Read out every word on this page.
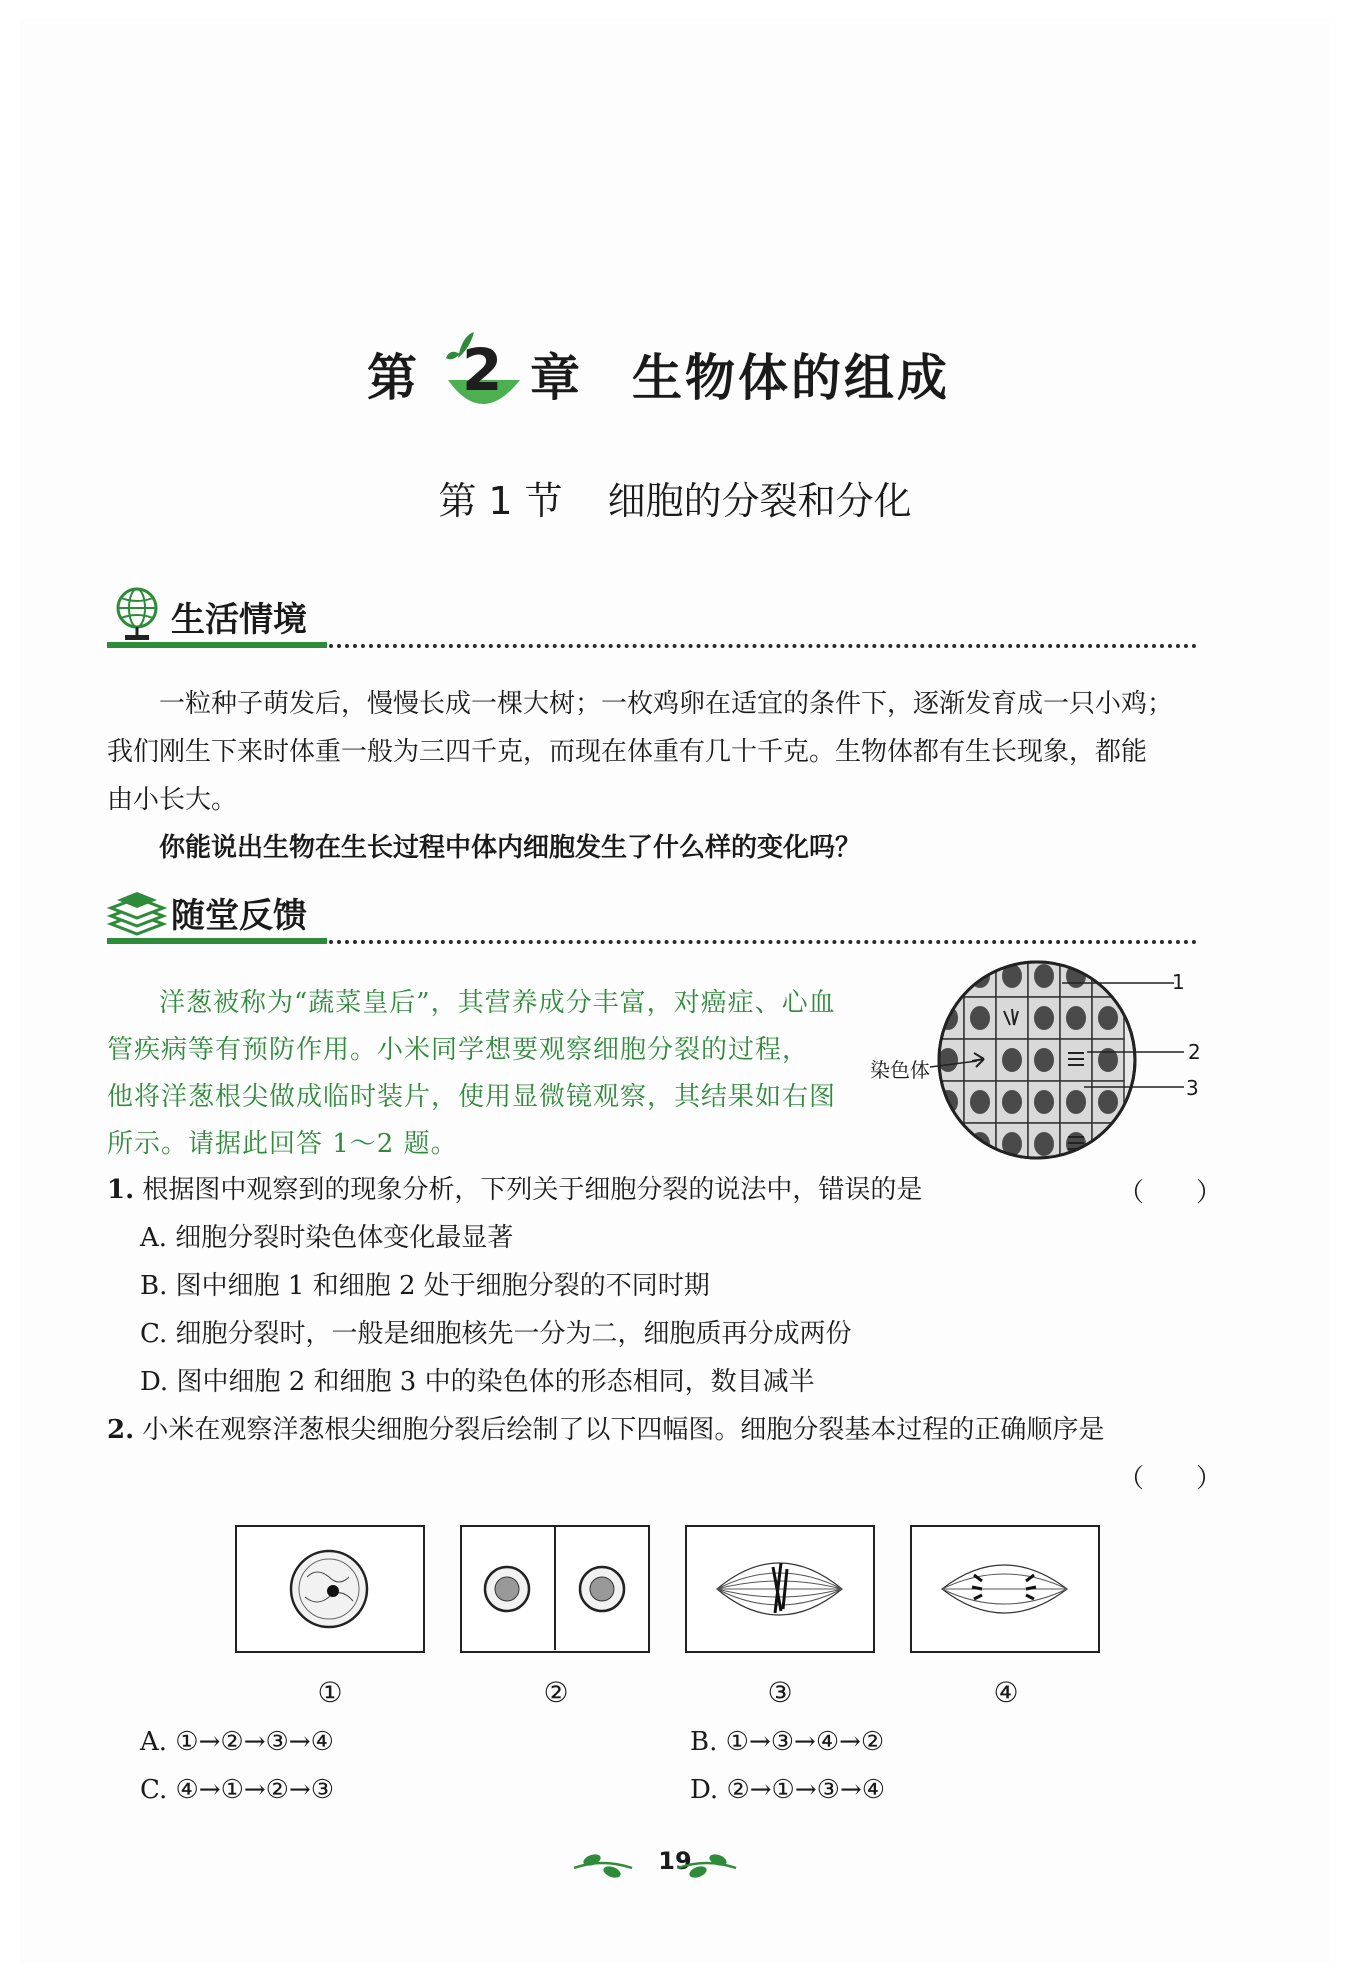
第 2 章 生物体的组成
第 1 节 细胞的分裂和分化
生活情境
一粒种子萌发后，慢慢长成一棵大树；一枚鸡卵在适宜的条件下，逐渐发育成一只小鸡；
我们刚生下来时体重一般为三四千克，而现在体重有几十千克。生物体都有生长现象，都能
由小长大。
你能说出生物在生长过程中体内细胞发生了什么样的变化吗？
随堂反馈
洋葱被称为“蔬菜皇后”，其营养成分丰富，对癌症、心血
管疾病等有预防作用。小米同学想要观察细胞分裂的过程，
他将洋葱根尖做成临时装片，使用显微镜观察，其结果如右图
所示。请据此回答 1～2 题。
1
2
3
染色体
1. 根据图中观察到的现象分析，下列关于细胞分裂的说法中，错误的是	（　　）
A. 细胞分裂时染色体变化最显著
B. 图中细胞 1 和细胞 2 处于细胞分裂的不同时期
C. 细胞分裂时，一般是细胞核先一分为二，细胞质再分成两份
D. 图中细胞 2 和细胞 3 中的染色体的形态相同，数目减半
2. 小米在观察洋葱根尖细胞分裂后绘制了以下四幅图。细胞分裂基本过程的正确顺序是
（　　）
①	②	③	④
A. ①→②→③→④	B. ①→③→④→②
C. ④→①→②→③	D. ②→①→③→④
19
